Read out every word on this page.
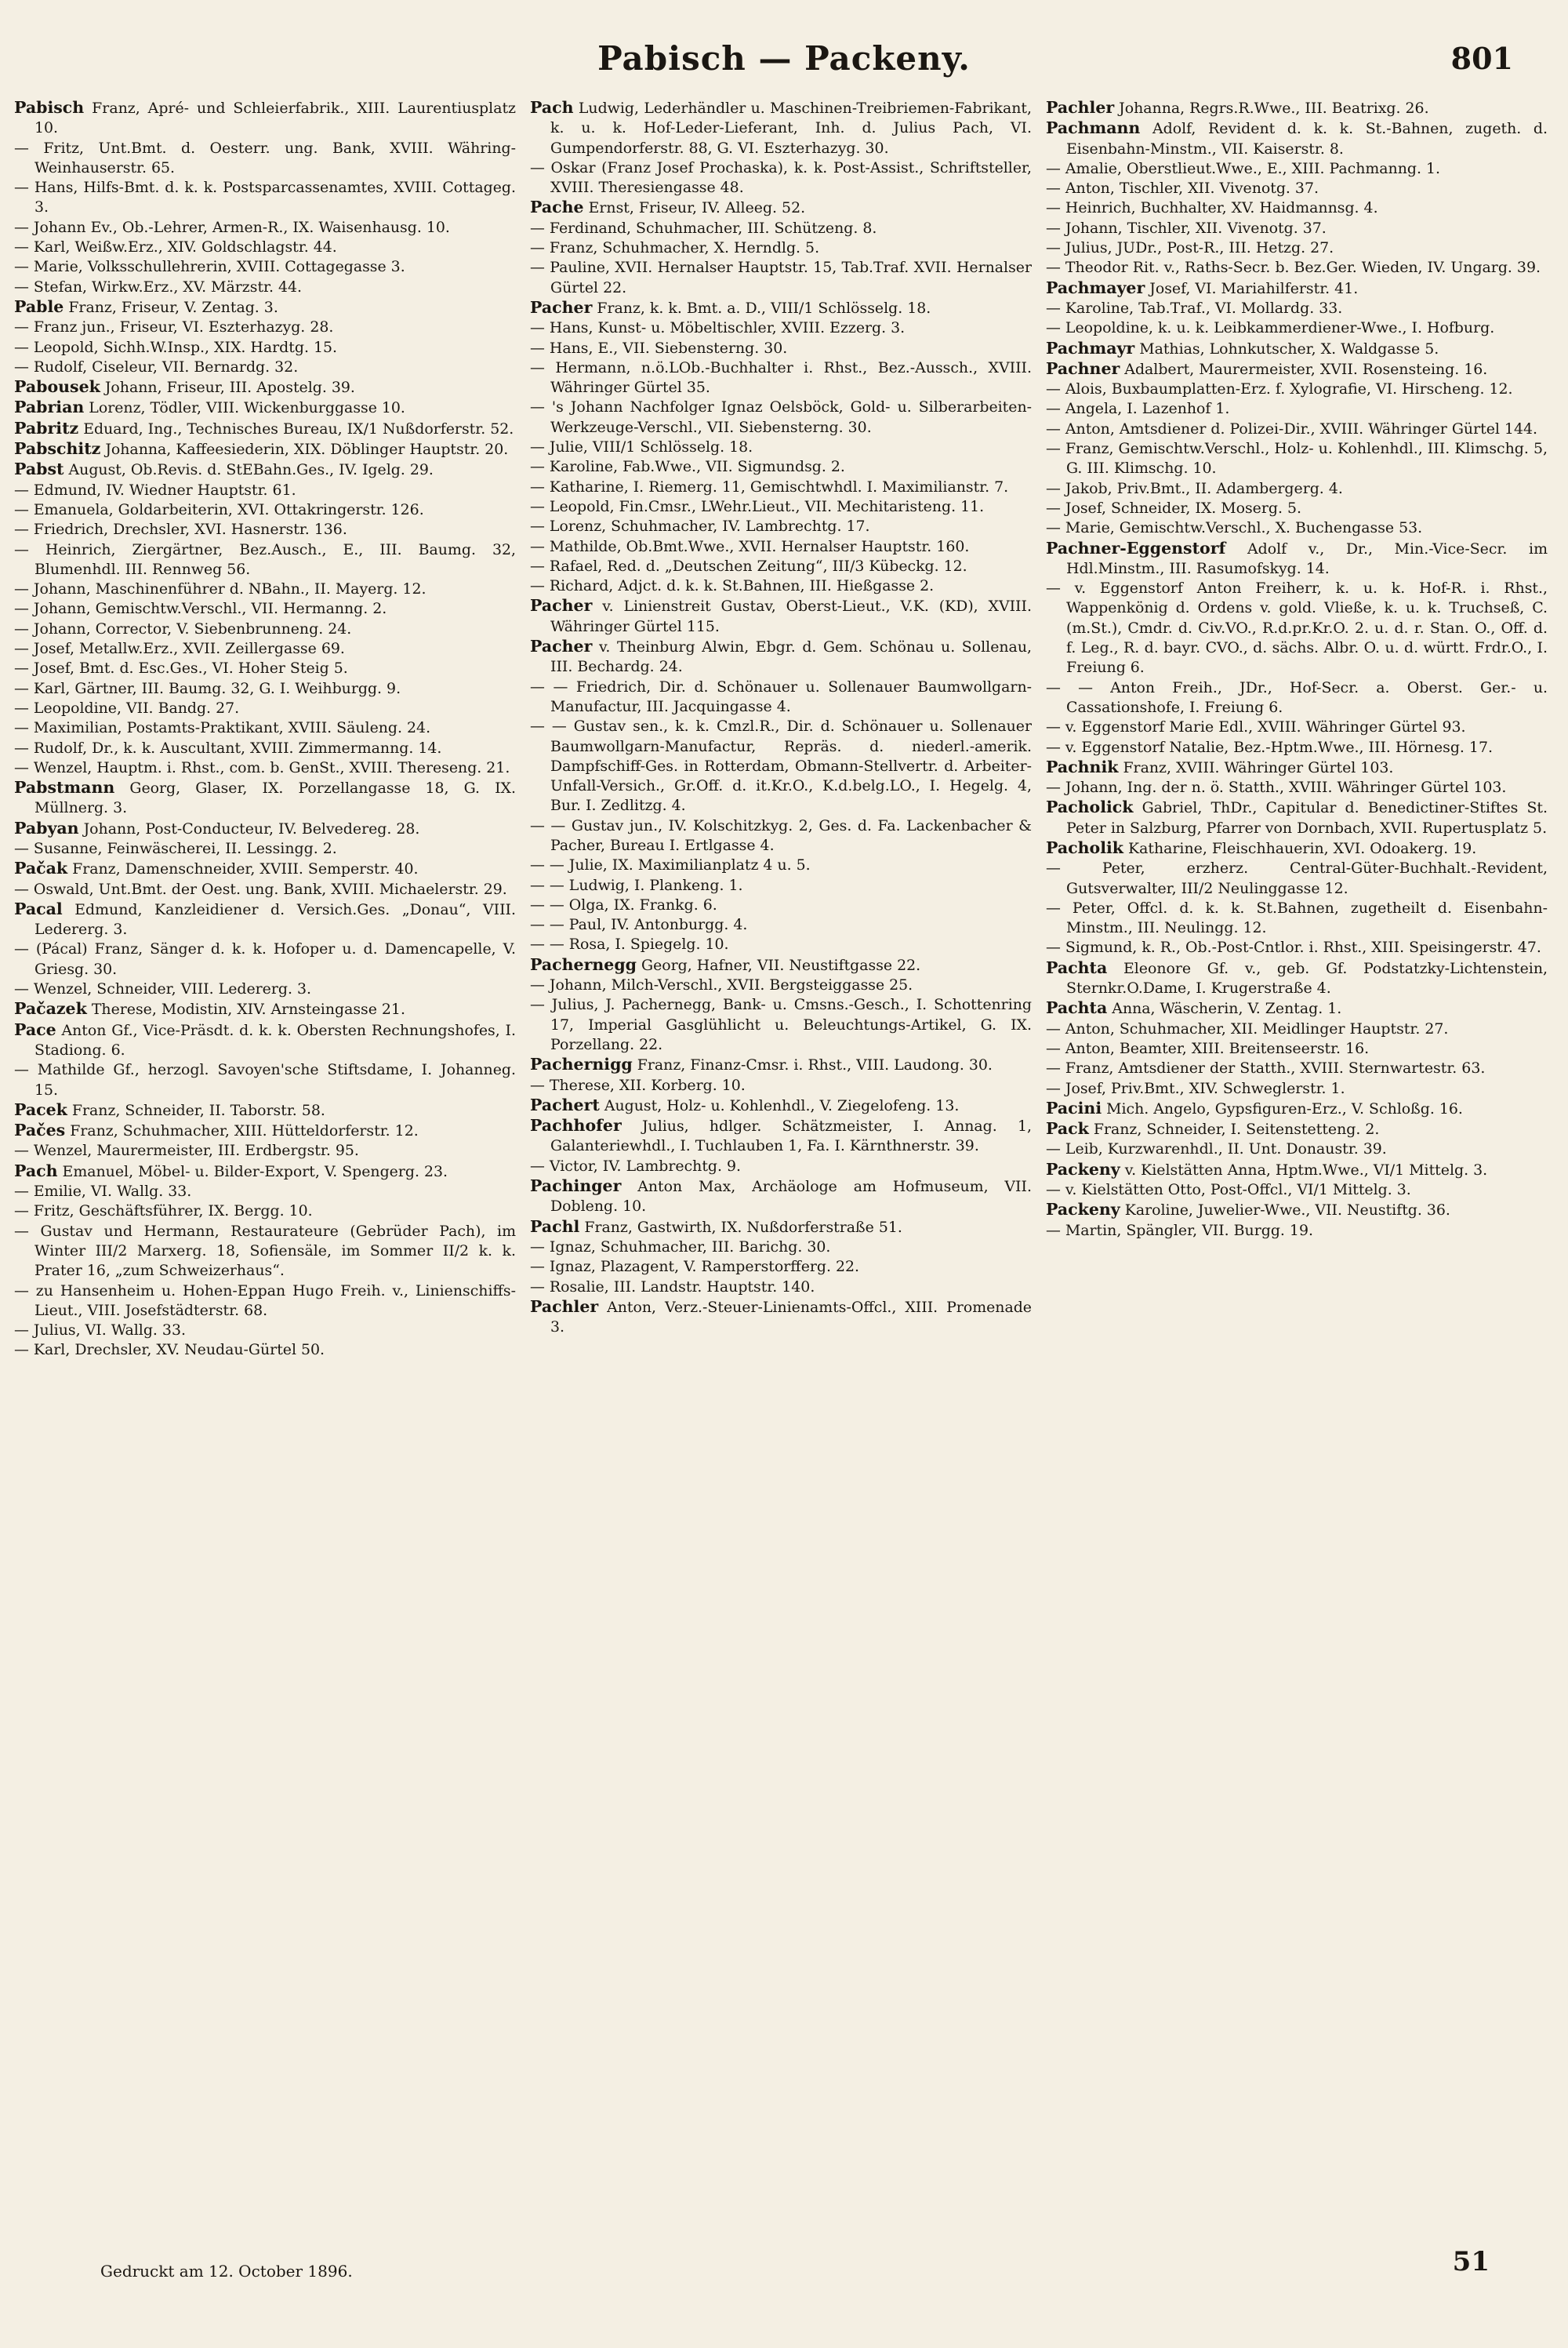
Pabisch — Packeny.	801

Pabisch Franz, Apré- und Schleierfabrik., XIII. Laurentiusplatz 10.

— Fritz, Unt.Bmt. d. Oesterr. ung. Bank, XVIII. Währing-Weinhauserstr. 65.

— Hans, Hilfs-Bmt. d. k. k. Postsparcassenamtes, XVIII. Cottageg. 3.

— Johann Ev., Ob.-Lehrer, Armen-R., IX. Waisenhausg. 10.

— Karl, Weißw.Erz., XIV. Goldschlagstr. 44.

— Marie, Volksschullehrerin, XVIII. Cottagegasse 3.

— Stefan, Wirkw.Erz., XV. Märzstr. 44.

Pable Franz, Friseur, V. Zentag. 3.

— Franz jun., Friseur, VI. Eszterhazyg. 28.

— Leopold, Sichh.W.Insp., XIX. Hardtg. 15.

— Rudolf, Ciseleur, VII. Bernardg. 32.

Pabousek Johann, Friseur, III. Apostelg. 39.

Pabrian Lorenz, Tödler, VIII. Wickenburggasse 10.

Pabritz Eduard, Ing., Technisches Bureau, IX/1 Nußdorferstr. 52.

Pabschitz Johanna, Kaffeesiederin, XIX. Döblinger Hauptstr. 20.

Pabst August, Ob.Revis. d. StEBahn.Ges., IV. Igelg. 29.

— Edmund, IV. Wiedner Hauptstr. 61.

— Emanuela, Goldarbeiterin, XVI. Ottakringerstr. 126.

— Friedrich, Drechsler, XVI. Hasnerstr. 136.

— Heinrich, Ziergärtner, Bez.Ausch., E., III. Baumg. 32, Blumenhdl. III. Rennweg 56.

— Johann, Maschinenführer d. NBahn., II. Mayerg. 12.

— Johann, Gemischtw.Verschl., VII. Hermanng. 2.

— Johann, Corrector, V. Siebenbrunneng. 24.

— Josef, Metallw.Erz., XVII. Zeillergasse 69.

— Josef, Bmt. d. Esc.Ges., VI. Hoher Steig 5.

— Karl, Gärtner, III. Baumg. 32, G. I. Weihburgg. 9.

— Leopoldine, VII. Bandg. 27.

— Maximilian, Postamts-Praktikant, XVIII. Säuleng. 24.

— Rudolf, Dr., k. k. Auscultant, XVIII. Zimmermanng. 14.

— Wenzel, Hauptm. i. Rhst., com. b. GenSt., XVIII. Thereseng. 21.

Pabstmann Georg, Glaser, IX. Porzellangasse 18, G. IX. Müllnerg. 3.

Pabyan Johann, Post-Conducteur, IV. Belvedereg. 28.

— Susanne, Feinwäscherei, II. Lessingg. 2.

Pačak Franz, Damenschneider, XVIII. Semperstr. 40.

— Oswald, Unt.Bmt. der Oest. ung. Bank, XVIII. Michaelerstr. 29.

Pacal Edmund, Kanzleidiener d. Versich.Ges. „Donau“, VIII. Ledererg. 3.

— (Pácal) Franz, Sänger d. k. k. Hofoper u. d. Damencapelle, V. Griesg. 30.

— Wenzel, Schneider, VIII. Ledererg. 3.

Pačazek Therese, Modistin, XIV. Arnsteingasse 21.

Pace Anton Gf., Vice-Präsdt. d. k. k. Obersten Rechnungshofes, I. Stadiong. 6.

— Mathilde Gf., herzogl. Savoyen'sche Stiftsdame, I. Johanneg. 15.

Pacek Franz, Schneider, II. Taborstr. 58.

Pačes Franz, Schuhmacher, XIII. Hütteldorferstr. 12.

— Wenzel, Maurermeister, III. Erdbergstr. 95.

Pach Emanuel, Möbel- u. Bilder-Export, V. Spengerg. 23.

— Emilie, VI. Wallg. 33.

— Fritz, Geschäftsführer, IX. Bergg. 10.

— Gustav und Hermann, Restaurateure (Gebrüder Pach), im Winter III/2 Marxerg. 18, Sofiensäle, im Sommer II/2 k. k. Prater 16, „zum Schweizerhaus“.

— zu Hansenheim u. Hohen-Eppan Hugo Freih. v., Linienschiffs-Lieut., VIII. Josefstädterstr. 68.

— Julius, VI. Wallg. 33.

— Karl, Drechsler, XV. Neudau-Gürtel 50.

Pach Ludwig, Lederhändler u. Maschinen-Treibriemen-Fabrikant, k. u. k. Hof-Leder-Lieferant, Inh. d. Julius Pach, VI. Gumpendorferstr. 88, G. VI. Eszterhazyg. 30.

— Oskar (Franz Josef Prochaska), k. k. Post-Assist., Schriftsteller, XVIII. Theresiengasse 48.

Pache Ernst, Friseur, IV. Alleeg. 52.

— Ferdinand, Schuhmacher, III. Schützeng. 8.

— Franz, Schuhmacher, X. Herndlg. 5.

— Pauline, XVII. Hernalser Hauptstr. 15, Tab.Traf. XVII. Hernalser Gürtel 22.

Pacher Franz, k. k. Bmt. a. D., VIII/1 Schlösselg. 18.

— Hans, Kunst- u. Möbeltischler, XVIII. Ezzerg. 3.

— Hans, E., VII. Siebensterng. 30.

— Hermann, n.ö.LOb.-Buchhalter i. Rhst., Bez.-Aussch., XVIII. Währinger Gürtel 35.

— 's Johann Nachfolger Ignaz Oelsböck, Gold- u. Silberarbeiten-Werkzeuge-Verschl., VII. Siebensterng. 30.

— Julie, VIII/1 Schlösselg. 18.

— Karoline, Fab.Wwe., VII. Sigmundsg. 2.

— Katharine, I. Riemerg. 11, Gemischtwhdl. I. Maximilianstr. 7.

— Leopold, Fin.Cmsr., LWehr.Lieut., VII. Mechitaristeng. 11.

— Lorenz, Schuhmacher, IV. Lambrechtg. 17.

— Mathilde, Ob.Bmt.Wwe., XVII. Hernalser Hauptstr. 160.

— Rafael, Red. d. „Deutschen Zeitung“, III/3 Kübeckg. 12.

— Richard, Adjct. d. k. k. St.Bahnen, III. Hießgasse 2.

Pacher v. Linienstreit Gustav, Oberst-Lieut., V.K. (KD), XVIII. Währinger Gürtel 115.

Pacher v. Theinburg Alwin, Ebgr. d. Gem. Schönau u. Sollenau, III. Bechardg. 24.

— — Friedrich, Dir. d. Schönauer u. Sollenauer Baumwollgarn-Manufactur, III. Jacquingasse 4.

— — Gustav sen., k. k. Cmzl.R., Dir. d. Schönauer u. Sollenauer Baumwollgarn-Manufactur, Repräs. d. niederl.-amerik. Dampfschiff-Ges. in Rotterdam, Obmann-Stellvertr. d. Arbeiter-Unfall-Versich., Gr.Off. d. it.Kr.O., K.d.belg.LO., I. Hegelg. 4, Bur. I. Zedlitzg. 4.

— — Gustav jun., IV. Kolschitzkyg. 2, Ges. d. Fa. Lackenbacher & Pacher, Bureau I. Ertlgasse 4.

— — Julie, IX. Maximilianplatz 4 u. 5.

— — Ludwig, I. Plankeng. 1.

— — Olga, IX. Frankg. 6.

— — Paul, IV. Antonburgg. 4.

— — Rosa, I. Spiegelg. 10.

Pachernegg Georg, Hafner, VII. Neustiftgasse 22.

— Johann, Milch-Verschl., XVII. Bergsteiggasse 25.

— Julius, J. Pachernegg, Bank- u. Cmsns.-Gesch., I. Schottenring 17, Imperial Gasglühlicht u. Beleuchtungs-Artikel, G. IX. Porzellang. 22.

Pachernigg Franz, Finanz-Cmsr. i. Rhst., VIII. Laudong. 30.

— Therese, XII. Korberg. 10.

Pachert August, Holz- u. Kohlenhdl., V. Ziegelofeng. 13.

Pachhofer Julius, hdlger. Schätzmeister, I. Annag. 1, Galanteriewhdl., I. Tuchlauben 1, Fa. I. Kärnthnerstr. 39.

— Victor, IV. Lambrechtg. 9.

Pachinger Anton Max, Archäologe am Hofmuseum, VII. Dobleng. 10.

Pachl Franz, Gastwirth, IX. Nußdorferstraße 51.

— Ignaz, Schuhmacher, III. Barichg. 30.

— Ignaz, Plazagent, V. Ramperstorfferg. 22.

— Rosalie, III. Landstr. Hauptstr. 140.

Pachler Anton, Verz.-Steuer-Linienamts-Offcl., XIII. Promenade 3.

Pachler Johanna, Regrs.R.Wwe., III. Beatrixg. 26.

Pachmann Adolf, Revident d. k. k. St.-Bahnen, zugeth. d. Eisenbahn-Minstm., VII. Kaiserstr. 8.

— Amalie, Oberstlieut.Wwe., E., XIII. Pachmanng. 1.

— Anton, Tischler, XII. Vivenotg. 37.

— Heinrich, Buchhalter, XV. Haidmannsg. 4.

— Johann, Tischler, XII. Vivenotg. 37.

— Julius, JUDr., Post-R., III. Hetzg. 27.

— Theodor Rit. v., Raths-Secr. b. Bez.Ger. Wieden, IV. Ungarg. 39.

Pachmayer Josef, VI. Mariahilferstr. 41.

— Karoline, Tab.Traf., VI. Mollardg. 33.

— Leopoldine, k. u. k. Leibkammerdiener-Wwe., I. Hofburg.

Pachmayr Mathias, Lohnkutscher, X. Waldgasse 5.

Pachner Adalbert, Maurermeister, XVII. Rosensteing. 16.

— Alois, Buxbaumplatten-Erz. f. Xylografie, VI. Hirscheng. 12.

— Angela, I. Lazenhof 1.

— Anton, Amtsdiener d. Polizei-Dir., XVIII. Währinger Gürtel 144.

— Franz, Gemischtw.Verschl., Holz- u. Kohlenhdl., III. Klimschg. 5, G. III. Klimschg. 10.

— Jakob, Priv.Bmt., II. Adambergerg. 4.

— Josef, Schneider, IX. Moserg. 5.

— Marie, Gemischtw.Verschl., X. Buchengasse 53.

Pachner-Eggenstorf Adolf v., Dr., Min.-Vice-Secr. im Hdl.Minstm., III. Rasumofskyg. 14.

— v. Eggenstorf Anton Freiherr, k. u. k. Hof-R. i. Rhst., Wappenkönig d. Ordens v. gold. Vließe, k. u. k. Truchseß, C. (m.St.), Cmdr. d. Civ.VO., R.d.pr.Kr.O. 2. u. d. r. Stan. O., Off. d. f. Leg., R. d. bayr. CVO., d. sächs. Albr. O. u. d. württ. Frdr.O., I. Freiung 6.

— — Anton Freih., JDr., Hof-Secr. a. Oberst. Ger.- u. Cassationshofe, I. Freiung 6.

— v. Eggenstorf Marie Edl., XVIII. Währinger Gürtel 93.

— v. Eggenstorf Natalie, Bez.-Hptm.Wwe., III. Hörnesg. 17.

Pachnik Franz, XVIII. Währinger Gürtel 103.

— Johann, Ing. der n. ö. Statth., XVIII. Währinger Gürtel 103.

Pacholick Gabriel, ThDr., Capitular d. Benedictiner-Stiftes St. Peter in Salzburg, Pfarrer von Dornbach, XVII. Rupertusplatz 5.

Pacholik Katharine, Fleischhauerin, XVI. Odoakerg. 19.

— Peter, erzherz. Central-Güter-Buchhalt.-Revident, Gutsverwalter, III/2 Neulinggasse 12.

— Peter, Offcl. d. k. k. St.Bahnen, zugetheilt d. Eisenbahn-Minstm., III. Neulingg. 12.

— Sigmund, k. R., Ob.-Post-Cntlor. i. Rhst., XIII. Speisingerstr. 47.

Pachta Eleonore Gf. v., geb. Gf. Podstatzky-Lichtenstein, Sternkr.O.Dame, I. Krugerstraße 4.

Pachta Anna, Wäscherin, V. Zentag. 1.

— Anton, Schuhmacher, XII. Meidlinger Hauptstr. 27.

— Anton, Beamter, XIII. Breitenseerstr. 16.

— Franz, Amtsdiener der Statth., XVIII. Sternwartestr. 63.

— Josef, Priv.Bmt., XIV. Schweglerstr. 1.

Pacini Mich. Angelo, Gypsfiguren-Erz., V. Schloßg. 16.

Pack Franz, Schneider, I. Seitenstetteng. 2.

— Leib, Kurzwarenhdl., II. Unt. Donaustr. 39.

Packeny v. Kielstätten Anna, Hptm.Wwe., VI/1 Mittelg. 3.

— v. Kielstätten Otto, Post-Offcl., VI/1 Mittelg. 3.

Packeny Karoline, Juwelier-Wwe., VII. Neustiftg. 36.

— Martin, Spängler, VII. Burgg. 19.

Gedruckt am 12. October 1896.	51
